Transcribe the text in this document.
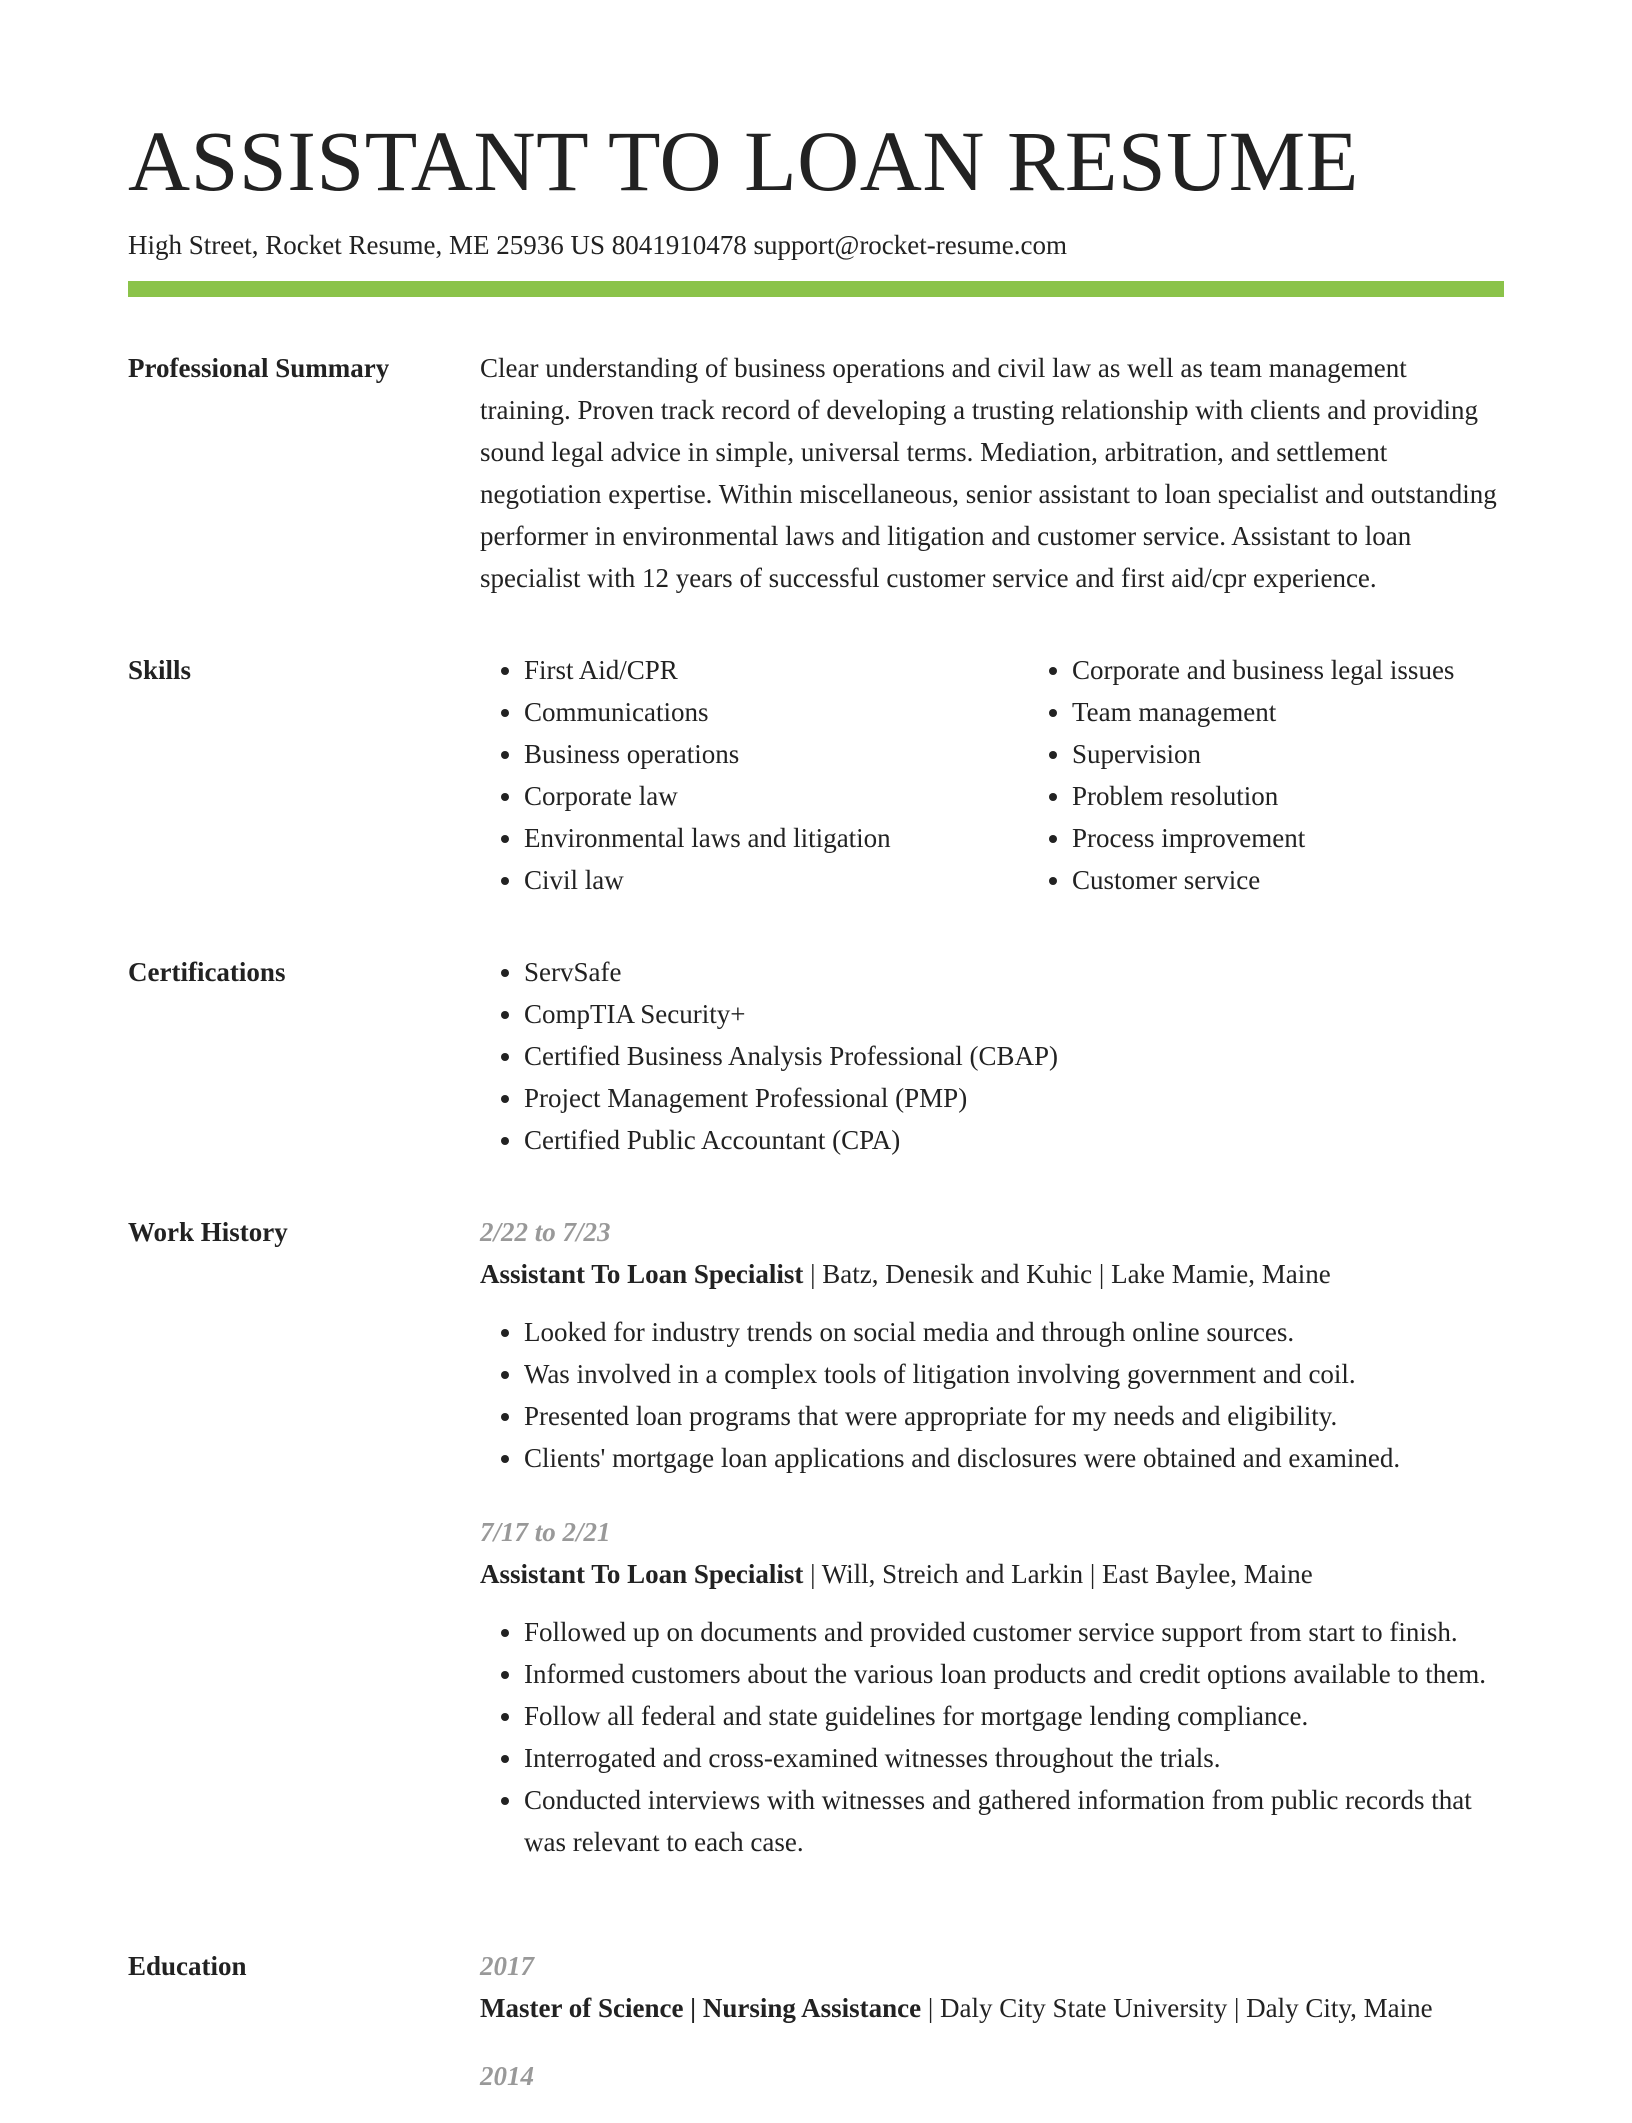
ASSISTANT TO LOAN RESUME
High Street, Rocket Resume, ME 25936 US 8041910478 support@rocket-resume.com
Professional Summary	Clear understanding of business operations and civil law as well as team management training. Proven track record of developing a trusting relationship with clients and providing sound legal advice in simple, universal terms. Mediation, arbitration, and settlement negotiation expertise. Within miscellaneous, senior assistant to loan specialist and outstanding performer in environmental laws and litigation and customer service. Assistant to loan specialist with 12 years of successful customer service and first aid/cpr experience.

Skills	• First Aid/CPR
• Communications
• Business operations
• Corporate law
• Environmental laws and litigation
• Civil law
• Corporate and business legal issues
• Team management
• Supervision
• Problem resolution
• Process improvement
• Customer service
Certifications	• ServSafe
• CompTIA Security+
• Certified Business Analysis Professional (CBAP)
• Project Management Professional (PMP)
• Certified Public Accountant (CPA)
Work History	2/22 to 7/23
Assistant To Loan Specialist | Batz, Denesik and Kuhic | Lake Mamie, Maine
• Looked for industry trends on social media and through online sources.
• Was involved in a complex tools of litigation involving government and coil.
• Presented loan programs that were appropriate for my needs and eligibility.
• Clients' mortgage loan applications and disclosures were obtained and examined.
7/17 to 2/21
Assistant To Loan Specialist | Will, Streich and Larkin | East Baylee, Maine
• Followed up on documents and provided customer service support from start to finish.
• Informed customers about the various loan products and credit options available to them.
• Follow all federal and state guidelines for mortgage lending compliance.
• Interrogated and cross-examined witnesses throughout the trials.
• Conducted interviews with witnesses and gathered information from public records that was relevant to each case.
Education	2017
Master of Science | Nursing Assistance | Daly City State University | Daly City, Maine
2014
